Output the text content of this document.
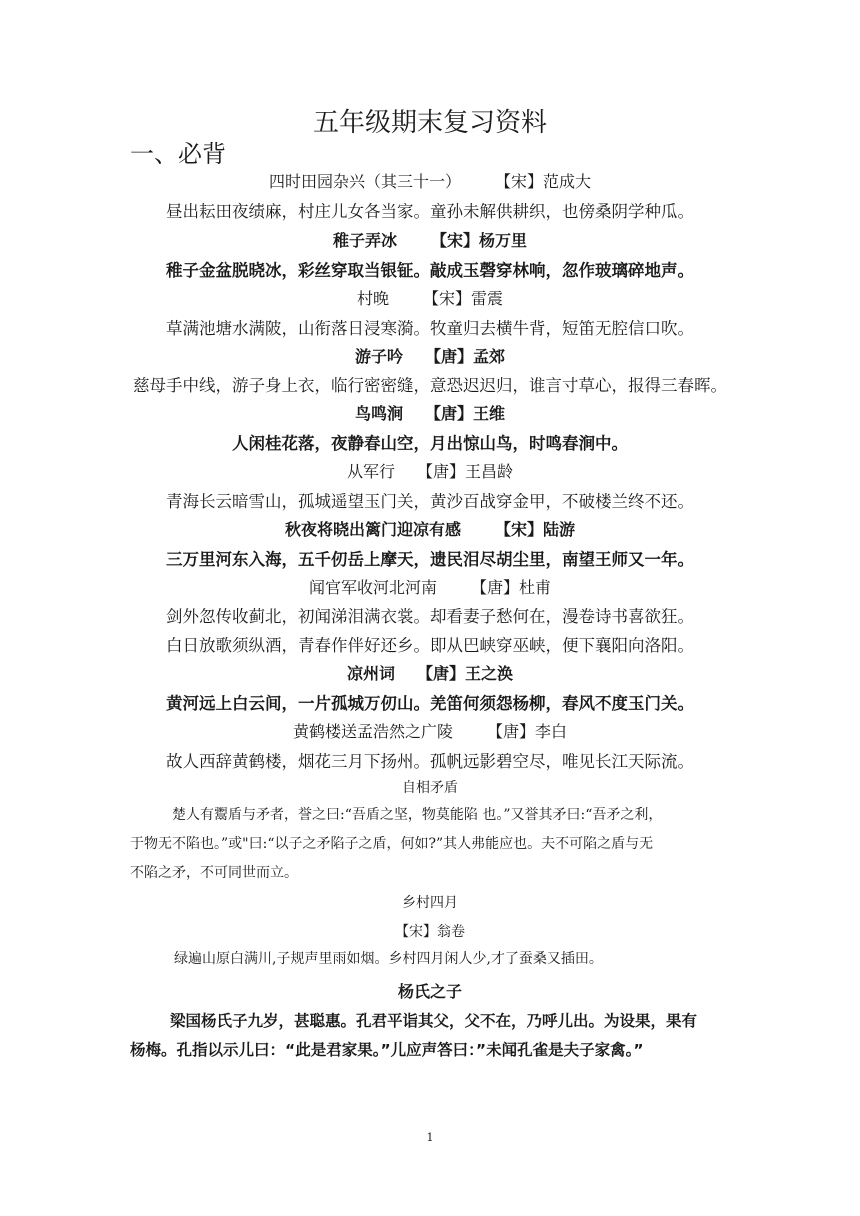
五年级期末复习资料
一、必背
四时田园杂兴（其三十一） 【宋】范成大
昼出耘田夜绩麻，村庄儿女各当家。童孙未解供耕织，也傍桑阴学种瓜。
稚子弄冰 【宋】杨万里
稚子金盆脱晓冰，彩丝穿取当银钲。敲成玉磬穿林响，忽作玻璃碎地声。
村晚 【宋】雷震
草满池塘水满陂，山衔落日浸寒漪。牧童归去横牛背，短笛无腔信口吹。
游子吟 【唐】孟郊
慈母手中线，游子身上衣，临行密密缝，意恐迟迟归，谁言寸草心，报得三春晖。
鸟鸣涧 【唐】王维
人闲桂花落，夜静春山空，月出惊山鸟，时鸣春涧中。
从军行 【唐】王昌龄
青海长云暗雪山，孤城遥望玉门关，黄沙百战穿金甲，不破楼兰终不还。
秋夜将晓出篱门迎凉有感 【宋】陆游
三万里河东入海，五千仞岳上摩天，遗民泪尽胡尘里，南望王师又一年。
闻官军收河北河南 【唐】杜甫
剑外忽传收蓟北，初闻涕泪满衣裳。却看妻子愁何在，漫卷诗书喜欲狂。
白日放歌须纵酒，青春作伴好还乡。即从巴峡穿巫峡，便下襄阳向洛阳。
凉州词 【唐】王之涣
黄河远上白云间，一片孤城万仞山。羌笛何须怨杨柳，春风不度玉门关。
黄鹤楼送孟浩然之广陵 【唐】李白
故人西辞黄鹤楼，烟花三月下扬州。孤帆远影碧空尽，唯见长江天际流。
自相矛盾
楚人有鬻盾与矛者，誉之曰:“吾盾之坚，物莫能陷 也。”又誉其矛曰:“吾矛之利，
于物无不陷也。”或"曰:“以子之矛陷子之盾，何如?”其人弗能应也。夫不可陷之盾与无
不陷之矛，不可同世而立。
乡村四月
【宋】翁卷
绿遍山原白满川,子规声里雨如烟。乡村四月闲人少,才了蚕桑又插田。
杨氏之子
梁国杨氏子九岁，甚聪惠。孔君平诣其父，父不在，乃呼儿出。为设果，果有
杨梅。孔指以示儿曰：“此是君家果。”儿应声答曰：”未闻孔雀是夫子家禽。”
1
